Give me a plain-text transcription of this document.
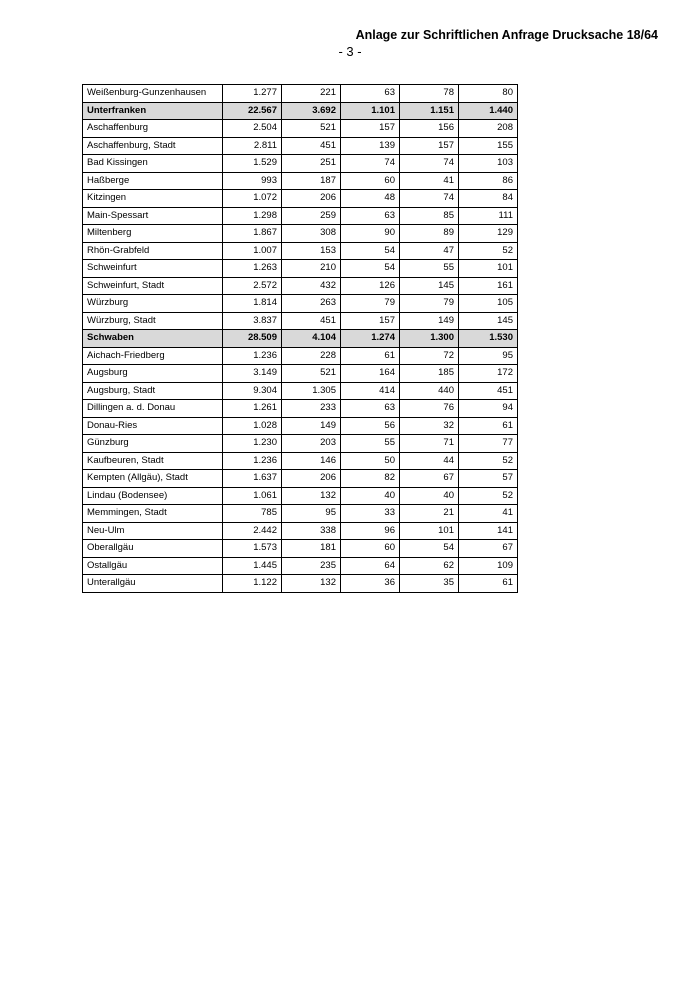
Anlage zur Schriftlichen Anfrage Drucksache 18/64
- 3 -
Weißenburg-Gunzenhausen	1.277	221	63	78	80
Unterfranken	22.567	3.692	1.101	1.151	1.440
Aschaffenburg	2.504	521	157	156	208
Aschaffenburg, Stadt	2.811	451	139	157	155
Bad Kissingen	1.529	251	74	74	103
Haßberge	993	187	60	41	86
Kitzingen	1.072	206	48	74	84
Main-Spessart	1.298	259	63	85	111
Miltenberg	1.867	308	90	89	129
Rhön-Grabfeld	1.007	153	54	47	52
Schweinfurt	1.263	210	54	55	101
Schweinfurt, Stadt	2.572	432	126	145	161
Würzburg	1.814	263	79	79	105
Würzburg, Stadt	3.837	451	157	149	145
Schwaben	28.509	4.104	1.274	1.300	1.530
Aichach-Friedberg	1.236	228	61	72	95
Augsburg	3.149	521	164	185	172
Augsburg, Stadt	9.304	1.305	414	440	451
Dillingen a. d. Donau	1.261	233	63	76	94
Donau-Ries	1.028	149	56	32	61
Günzburg	1.230	203	55	71	77
Kaufbeuren, Stadt	1.236	146	50	44	52
Kempten (Allgäu), Stadt	1.637	206	82	67	57
Lindau (Bodensee)	1.061	132	40	40	52
Memmingen, Stadt	785	95	33	21	41
Neu-Ulm	2.442	338	96	101	141
Oberallgäu	1.573	181	60	54	67
Ostallgäu	1.445	235	64	62	109
Unterallgäu	1.122	132	36	35	61
